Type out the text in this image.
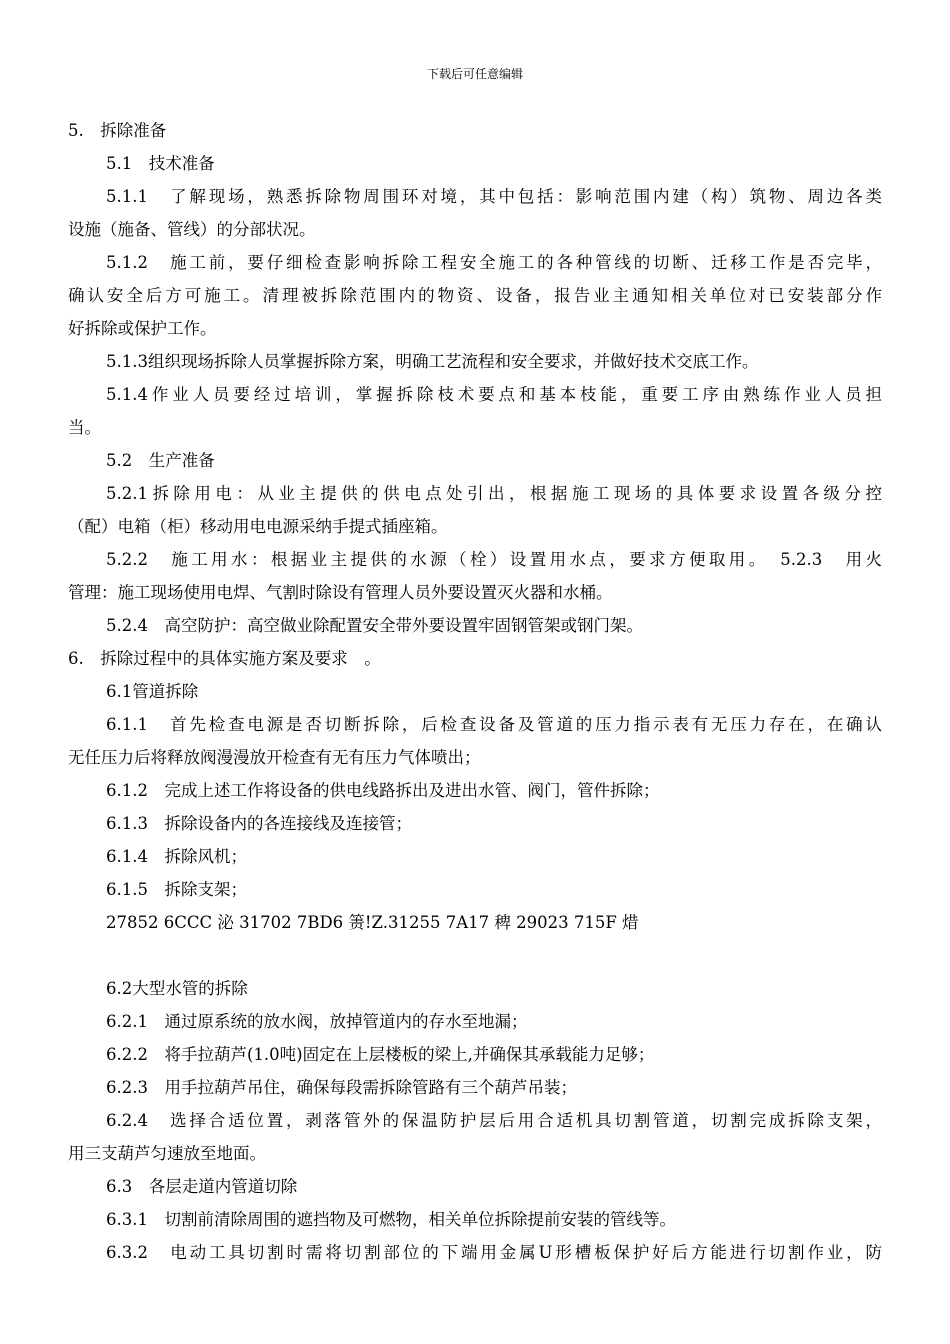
下载后可任意编辑
5.　拆除准备
5.1　技术准备
5.1.1　了解现场，熟悉拆除物周围环对境，其中包括：影响范围内建（构）筑物、周边各类
设施（施备、管线）的分部状况。
5.1.2　施工前，要仔细检查影响拆除工程安全施工的各种管线的切断、迁移工作是否完毕，
确认安全后方可施工。清理被拆除范围内的物资、设备，报告业主通知相关单位对已安装部分作
好拆除或保护工作。
5.1.3组织现场拆除人员掌握拆除方案，明确工艺流程和安全要求，并做好技术交底工作。
5.1.4作业人员要经过培训，掌握拆除枝术要点和基本枝能，重要工序由熟练作业人员担
当。
5.2　生产准备
5.2.1拆除用电：从业主提供的供电点处引出，根据施工现场的具体要求设置各级分控
（配）电箱（柜）移动用电电源采纳手提式插座箱。
5.2.2　施工用水：根据业主提供的水源（栓）设置用水点，要求方便取用。　5.2.3　用火
管理：施工现场使用电焊、气割时除设有管理人员外要设置灭火器和水桶。
5.2.4　高空防护：高空做业除配置安全带外要设置牢固钢管架或钢门架。
6.　拆除过程中的具体实施方案及要求　。
6.1管道拆除
6.1.1　首先检查电源是否切断拆除，后检查设备及管道的压力指示表有无压力存在，在确认
无任压力后将释放阀漫漫放开检查有无有压力气体喷出；
6.1.2　完成上述工作将设备的供电线路拆出及进出水管、阀门，管件拆除；
6.1.3　拆除设备内的各连接线及连接管；
6.1.4　拆除风机；
6.1.5　拆除支架；
27852 6CCC 泌 31702 7BD6 箦!Z.31255 7A17 稗 29023 715F 焟
6.2大型水管的拆除
6.2.1　通过原系统的放水阀，放掉管道内的存水至地漏；
6.2.2　将手拉葫芦(1.0吨)固定在上层楼板的梁上,并确保其承载能力足够；
6.2.3　用手拉葫芦吊住，确保每段需拆除管路有三个葫芦吊装；
6.2.4　选择合适位置，剥落管外的保温防护层后用合适机具切割管道，切割完成拆除支架，
用三支葫芦匀速放至地面。
6.3　各层走道内管道切除
6.3.1　切割前清除周围的遮挡物及可燃物，相关单位拆除提前安装的管线等。
6.3.2　电动工具切割时需将切割部位的下端用金属U形槽板保护好后方能进行切割作业，防
